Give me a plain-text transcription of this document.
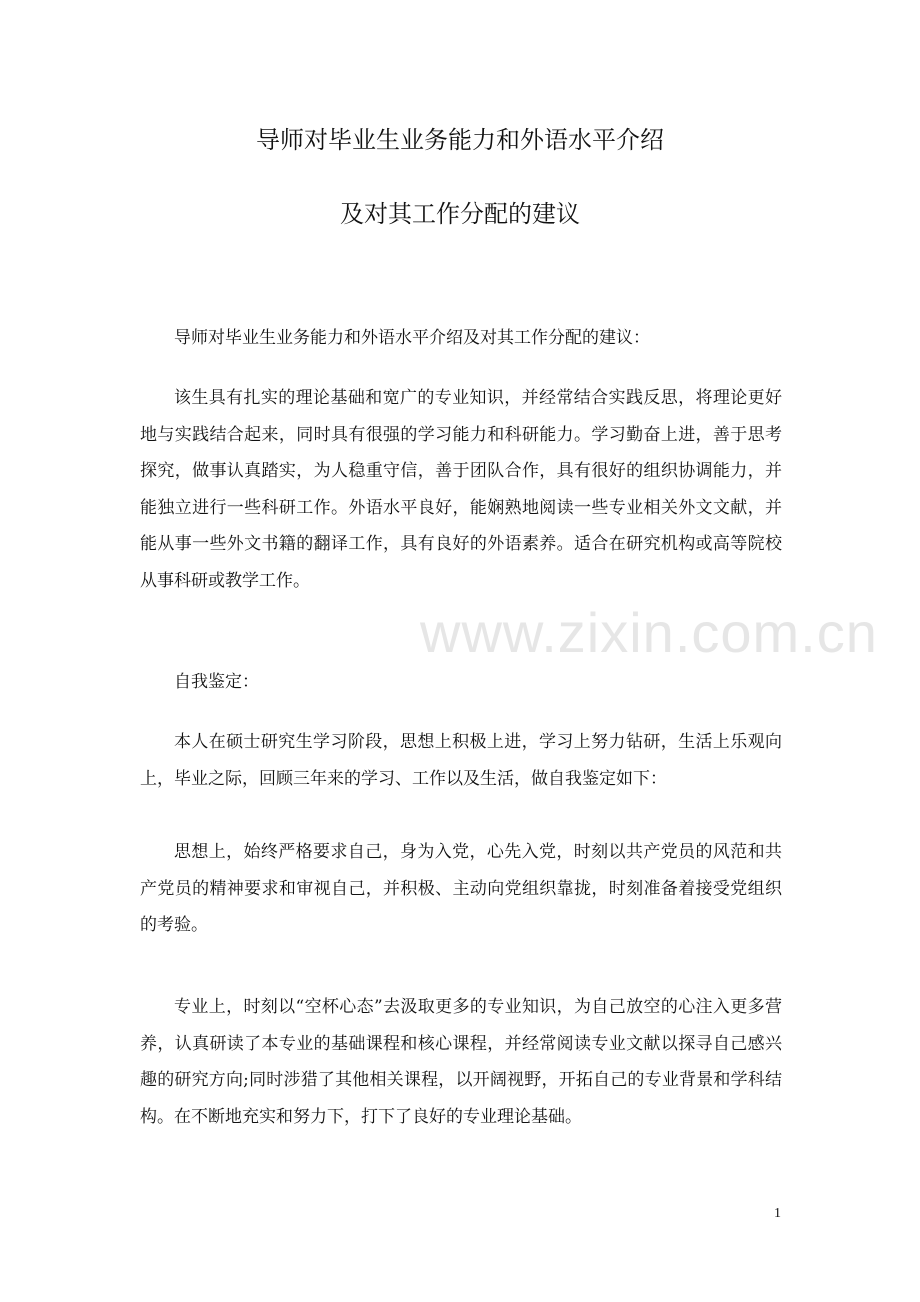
www.zixin.com.cn
导师对毕业生业务能力和外语水平介绍
及对其工作分配的建议

导师对毕业生业务能力和外语水平介绍及对其工作分配的建议：

该生具有扎实的理论基础和宽广的专业知识，并经常结合实践反思，将理论更好地与实践结合起来，同时具有很强的学习能力和科研能力。学习勤奋上进，善于思考探究，做事认真踏实，为人稳重守信，善于团队合作，具有很好的组织协调能力，并能独立进行一些科研工作。外语水平良好，能娴熟地阅读一些专业相关外文文献，并能从事一些外文书籍的翻译工作，具有良好的外语素养。适合在研究机构或高等院校从事科研或教学工作。

自我鉴定：

本人在硕士研究生学习阶段，思想上积极上进，学习上努力钻研，生活上乐观向上，毕业之际，回顾三年来的学习、工作以及生活，做自我鉴定如下：

思想上，始终严格要求自己，身为入党，心先入党，时刻以共产党员的风范和共产党员的精神要求和审视自己，并积极、主动向党组织靠拢，时刻准备着接受党组织的考验。

专业上，时刻以“空杯心态”去汲取更多的专业知识，为自己放空的心注入更多营养，认真研读了本专业的基础课程和核心课程，并经常阅读专业文献以探寻自己感兴趣的研究方向;同时涉猎了其他相关课程，以开阔视野，开拓自己的专业背景和学科结构。在不断地充实和努力下，打下了良好的专业理论基础。

1
